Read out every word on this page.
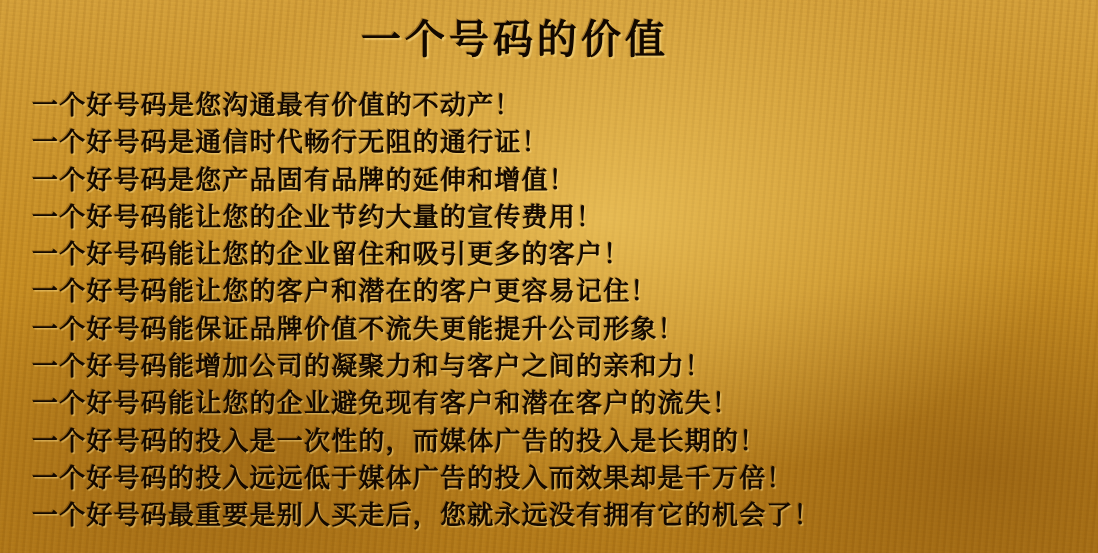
一个号码的价值
一个好号码是您沟通最有价值的不动产！
一个好号码是通信时代畅行无阻的通行证！
一个好号码是您产品固有品牌的延伸和增值！
一个好号码能让您的企业节约大量的宣传费用！
一个好号码能让您的企业留住和吸引更多的客户！
一个好号码能让您的客户和潜在的客户更容易记住！
一个好号码能保证品牌价值不流失更能提升公司形象！
一个好号码能增加公司的凝聚力和与客户之间的亲和力！
一个好号码能让您的企业避免现有客户和潜在客户的流失！
一个好号码的投入是一次性的，而媒体广告的投入是长期的！
一个好号码的投入远远低于媒体广告的投入而效果却是千万倍！
一个好号码最重要是别人买走后，您就永远没有拥有它的机会了！
